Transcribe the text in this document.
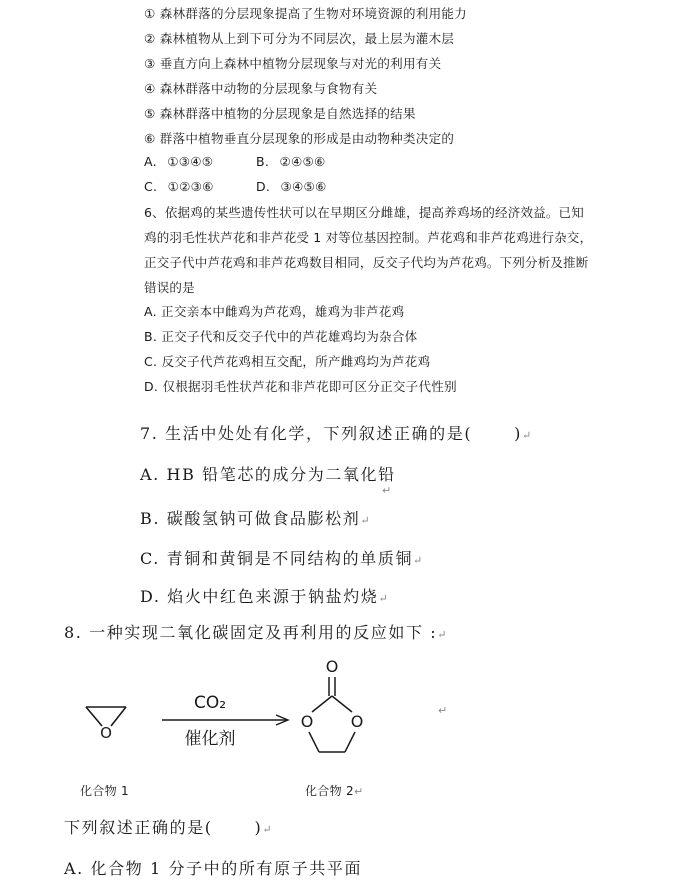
① 森林群落的分层现象提高了生物对环境资源的利用能力
② 森林植物从上到下可分为不同层次，最上层为灌木层
③ 垂直方向上森林中植物分层现象与对光的利用有关
④ 森林群落中动物的分层现象与食物有关
⑤ 森林群落中植物的分层现象是自然选择的结果
⑥ 群落中植物垂直分层现象的形成是由动物种类决定的
A. ①③④⑤	B. ②④⑤⑥
C. ①②③⑥	D. ③④⑤⑥
6、依据鸡的某些遗传性状可以在早期区分雌雄，提高养鸡场的经济效益。已知
鸡的羽毛性状芦花和非芦花受 1 对等位基因控制。芦花鸡和非芦花鸡进行杂交，
正交子代中芦花鸡和非芦花鸡数目相同，反交子代均为芦花鸡。下列分析及推断
错误的是
A. 正交亲本中雌鸡为芦花鸡，雄鸡为非芦花鸡
B. 正交子代和反交子代中的芦花雄鸡均为杂合体
C. 反交子代芦花鸡相互交配，所产雌鸡均为芦花鸡
D. 仅根据羽毛性状芦花和非芦花即可区分正交子代性别
7. 生活中处处有化学，下列叙述正确的是(　　 )↵
A. HB 铅笔芯的成分为二氧化铅
↵
B. 碳酸氢钠可做食品膨松剂↵
C. 青铜和黄铜是不同结构的单质铜↵
D. 焰火中红色来源于钠盐灼烧↵
8. 一种实现二氧化碳固定及再利用的反应如下 :↵
O
CO₂
催化剂
O
O O
↵
化合物 1	化合物 2↵
下列叙述正确的是(　　 )↵
A. 化合物 1 分子中的所有原子共平面
